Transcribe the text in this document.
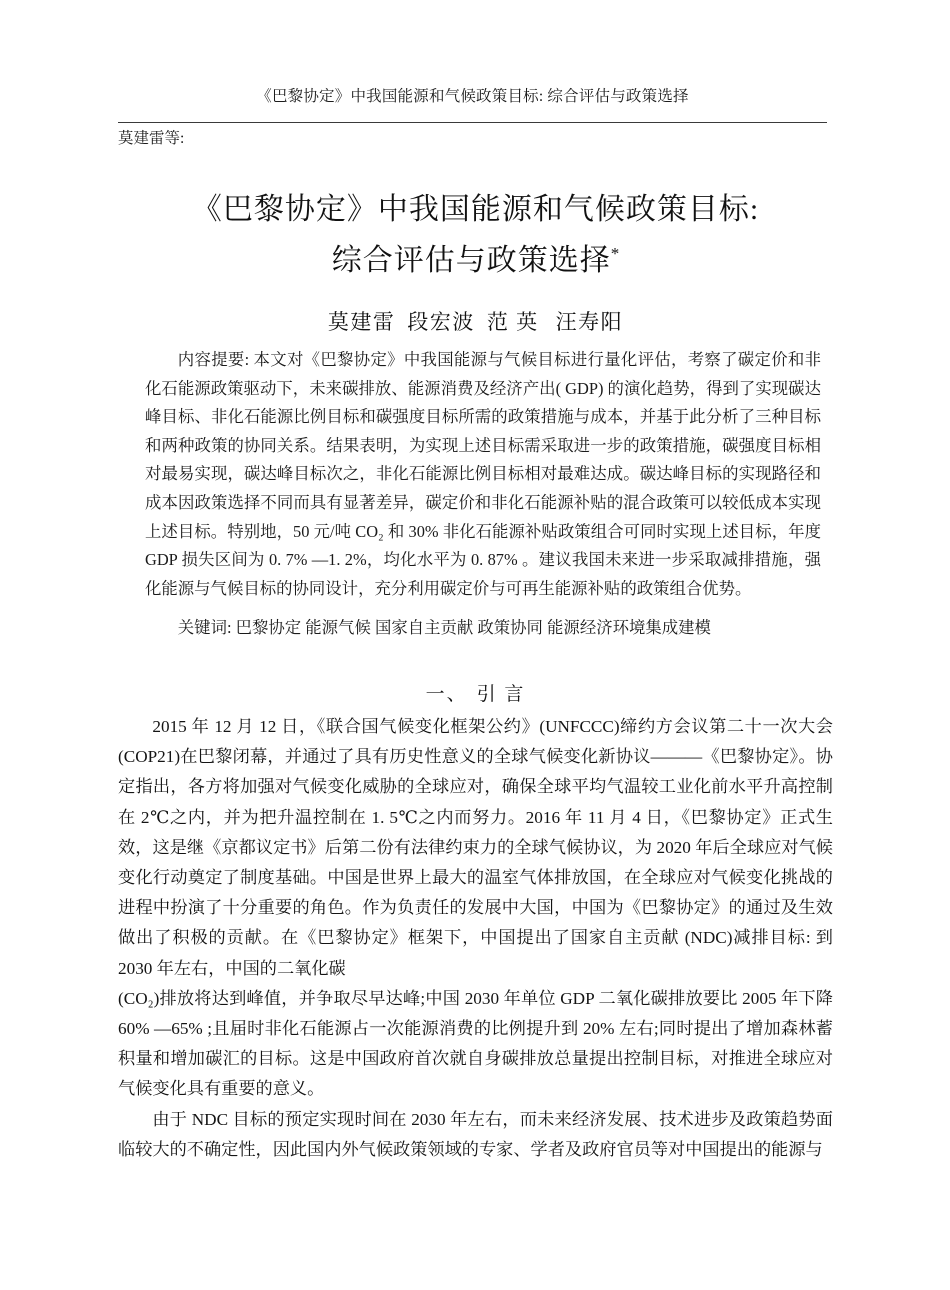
《巴黎协定》中我国能源和气候政策目标: 综合评估与政策选择
莫建雷等:
《巴黎协定》中我国能源和气候政策目标:
综合评估与政策选择*
莫建雷 段宏波 范 英 汪寿阳

内容提要: 本文对《巴黎协定》中我国能源与气候目标进行量化评估，考察了碳定价和非化石能源政策驱动下，未来碳排放、能源消费及经济产出( GDP) 的演化趋势，得到了实现碳达峰目标、非化石能源比例目标和碳强度目标所需的政策措施与成本，并基于此分析了三种目标和两种政策的协同关系。结果表明，为实现上述目标需采取进一步的政策措施，碳强度目标相对最易实现，碳达峰目标次之，非化石能源比例目标相对最难达成。碳达峰目标的实现路径和成本因政策选择不同而具有显著差异，碳定价和非化石能源补贴的混合政策可以较低成本实现上述目标。特别地，50 元/吨 CO₂ 和 30% 非化石能源补贴政策组合可同时实现上述目标，年度 GDP 损失区间为 0. 7% —1. 2%，均化水平为 0. 87% 。建议我国未来进一步采取减排措施，强化能源与气候目标的协同设计，充分利用碳定价与可再生能源补贴的政策组合优势。

关键词: 巴黎协定 能源气候 国家自主贡献 政策协同 能源经济环境集成建模
一、 引 言

2015 年 12 月 12 日，《联合国气候变化框架公约》(UNFCCC)缔约方会议第二十一次大会 (COP21)在巴黎闭幕，并通过了具有历史性意义的全球气候变化新协议———《巴黎协定》。协定指出，各方将加强对气候变化威胁的全球应对，确保全球平均气温较工业化前水平升高控制在 2℃之内，并为把升温控制在 1. 5℃之内而努力。2016 年 11 月 4 日，《巴黎协定》正式生效，这是继《京都议定书》后第二份有法律约束力的全球气候协议，为 2020 年后全球应对气候变化行动奠定了制度基础。中国是世界上最大的温室气体排放国，在全球应对气候变化挑战的进程中扮演了十分重要的角色。作为负责任的发展中大国，中国为《巴黎协定》的通过及生效做出了积极的贡献。在《巴黎协定》框架下，中国提出了国家自主贡献 (NDC)减排目标: 到 2030 年左右，中国的二氧化碳

(CO₂)排放将达到峰值，并争取尽早达峰;中国 2030 年单位 GDP 二氧化碳排放要比 2005 年下降 60% —65% ;且届时非化石能源占一次能源消费的比例提升到 20% 左右;同时提出了增加森林蓄积量和增加碳汇的目标。这是中国政府首次就自身碳排放总量提出控制目标，对推进全球应对气候变化具有重要的意义。

由于 NDC 目标的预定实现时间在 2030 年左右，而未来经济发展、技术进步及政策趋势面临较大的不确定性，因此国内外气候政策领域的专家、学者及政府官员等对中国提出的能源与
